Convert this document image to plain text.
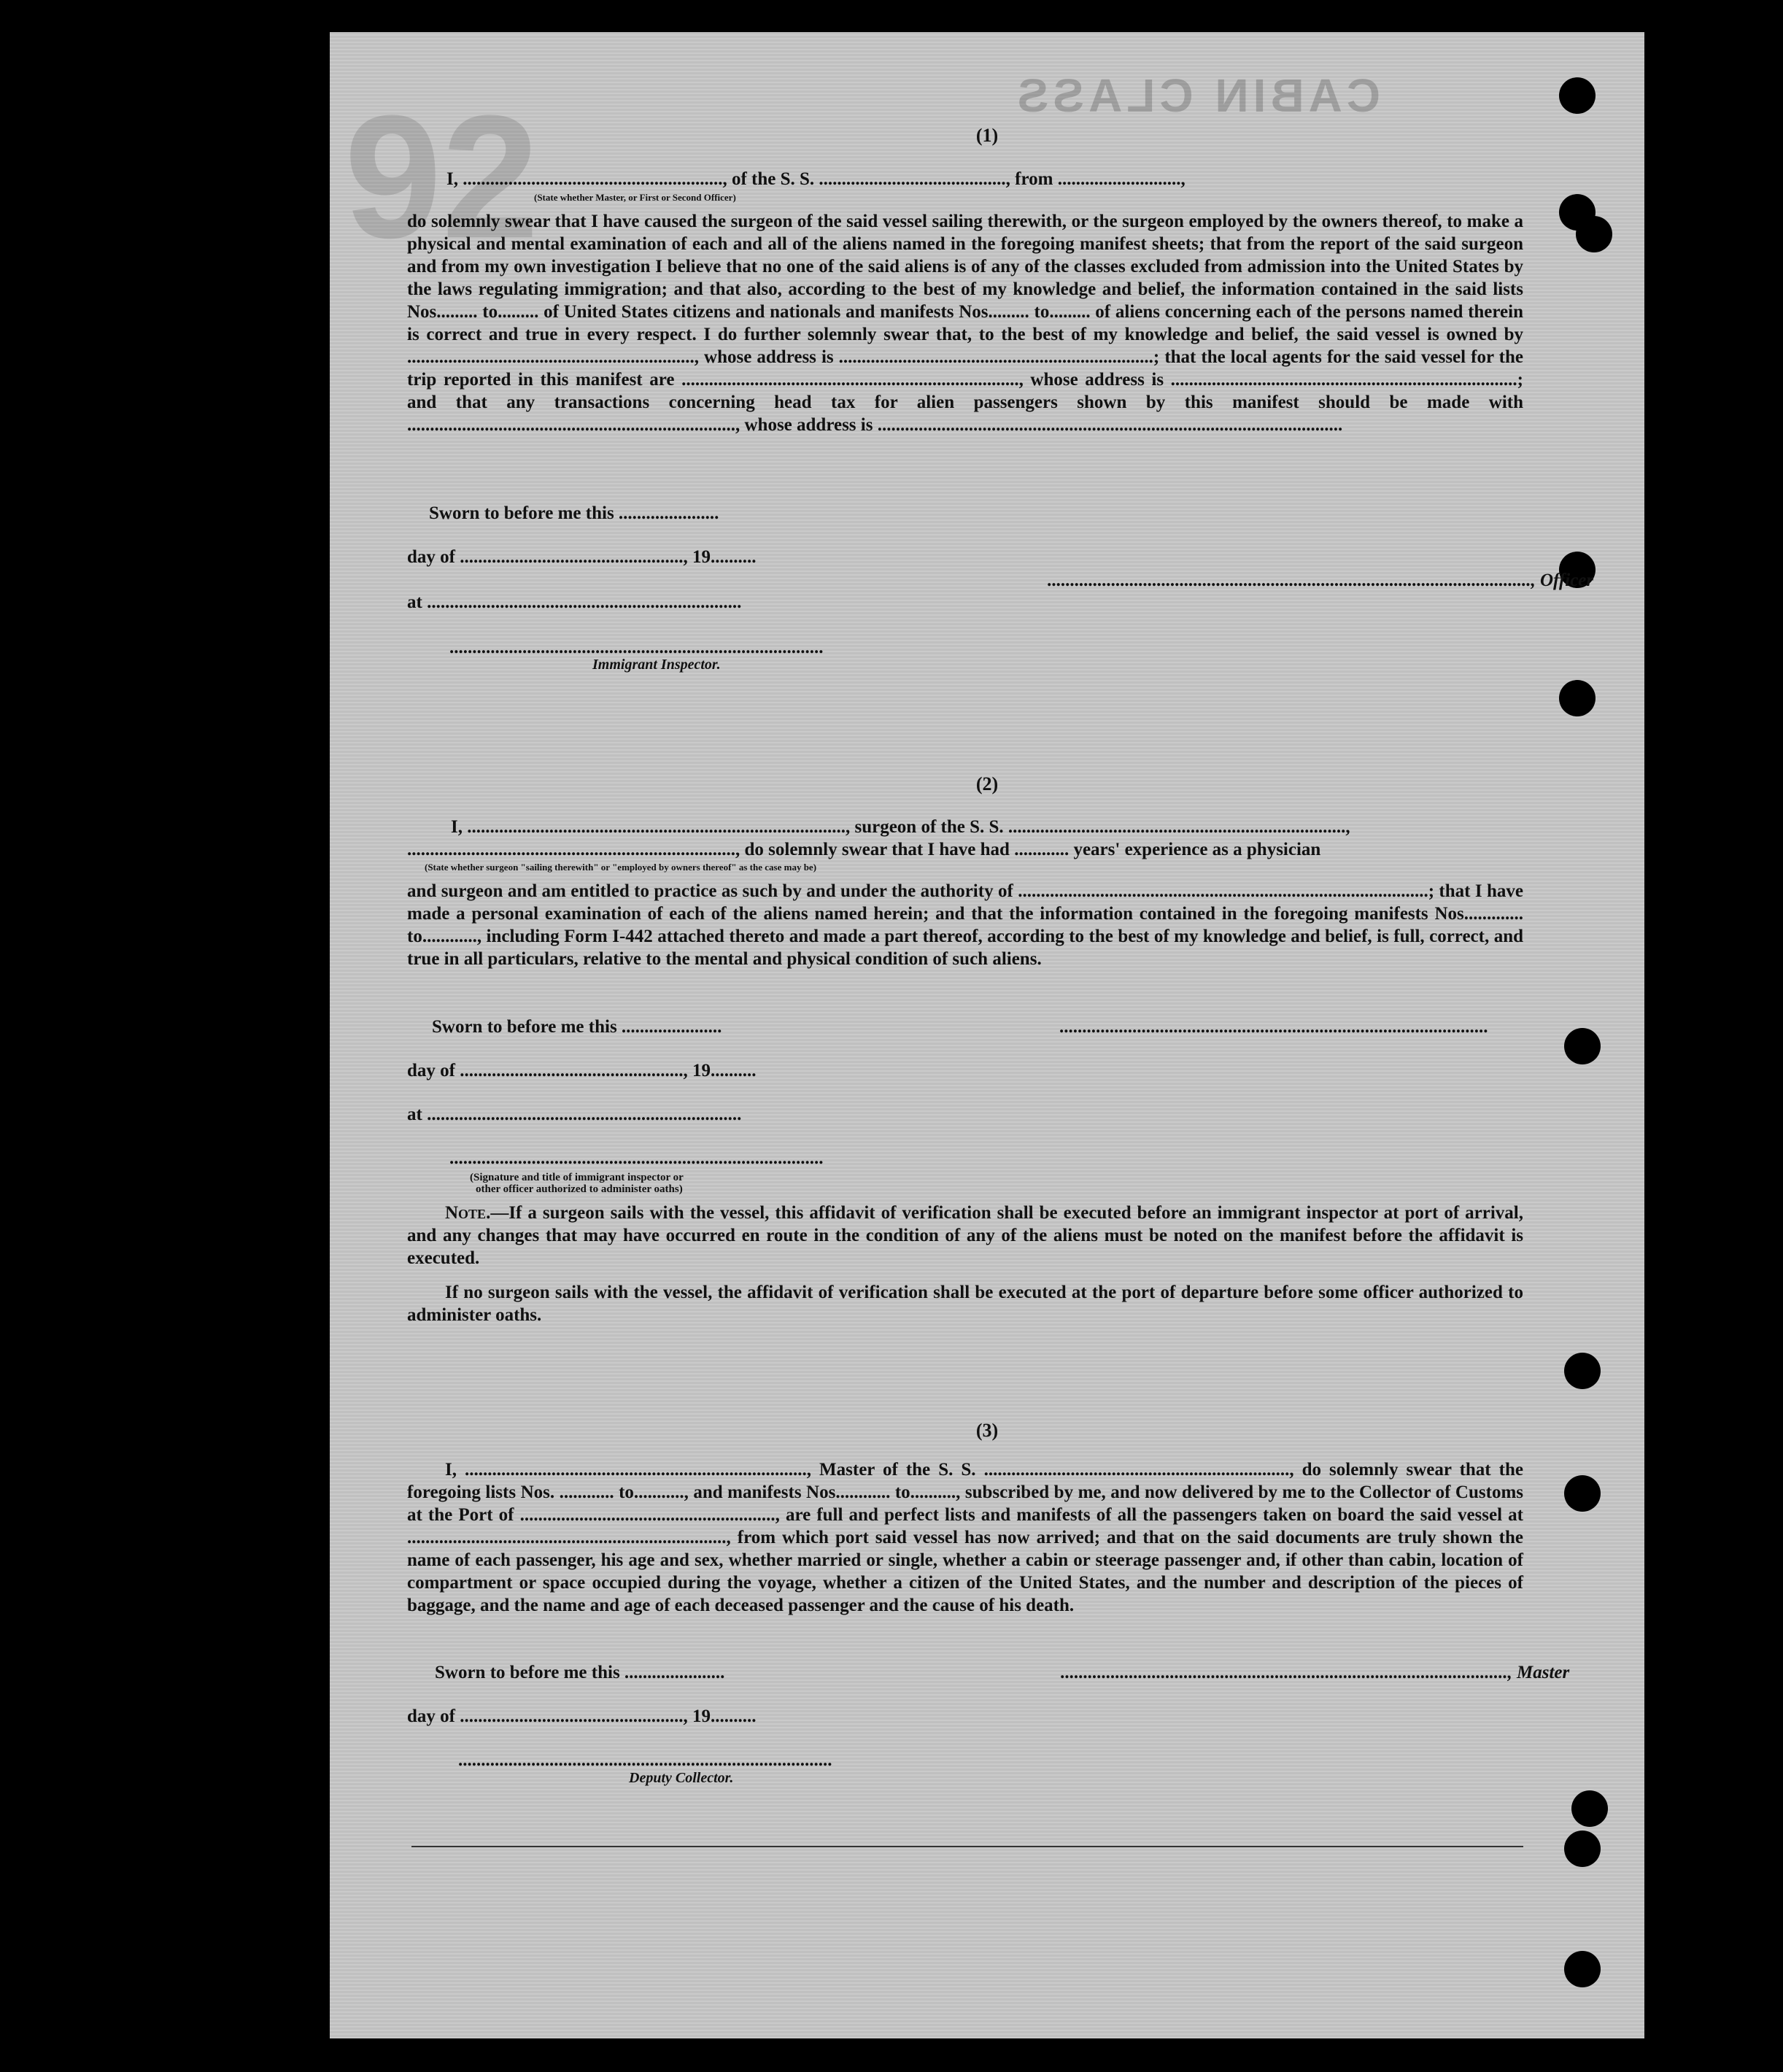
CABIN CLASS
92	(1)
I, ........................................................., of the S. S. ........................................., from ...........................,
(State whether Master, or First or Second Officer)

do solemnly swear that I have caused the surgeon of the said vessel sailing therewith, or the surgeon employed by the owners thereof, to make a physical and mental examination of each and all of the aliens named in the foregoing manifest sheets; that from the report of the said surgeon and from my own investigation I believe that no one of the said aliens is of any of the classes excluded from admission into the United States by the laws regulating immigration; and that also, according to the best of my knowledge and belief, the information contained in the said lists Nos......... to......... of United States citizens and nationals and manifests Nos......... to......... of aliens concerning each of the persons named therein is correct and true in every respect. I do further solemnly swear that, to the best of my knowledge and belief, the said vessel is owned by ..............................................................., whose address is .....................................................................; that the local agents for the said vessel for the trip reported in this manifest are .........................................................................., whose address is ............................................................................; and that any transactions concerning head tax for alien passengers shown by this manifest should be made with ........................................................................, whose address is ......................................................................................................

Sworn to before me this ......................
day of ................................................., 19..........
at .....................................................................
.........................................................................................................., Officer
..................................................................................
Immigrant Inspector.
(2)
I, ..................................................................................., surgeon of the S. S. ..........................................................................,
........................................................................, do solemnly swear that I have had ............ years' experience as a physician
(State whether surgeon "sailing therewith" or "employed by owners thereof" as the case may be)

and surgeon and am entitled to practice as such by and under the authority of ..........................................................................................; that I have made a personal examination of each of the aliens named herein; and that the information contained in the foregoing manifests Nos............. to............, including Form I-442 attached thereto and made a part thereof, according to the best of my knowledge and belief, is full, correct, and true in all particulars, relative to the mental and physical condition of such aliens.

Sworn to before me this ......................	..............................................................................................
day of ................................................., 19..........
at .....................................................................
..................................................................................
(Signature and title of immigrant inspector or
other officer authorized to administer oaths)

Note.—If a surgeon sails with the vessel, this affidavit of verification shall be executed before an immigrant inspector at port of arrival, and any changes that may have occurred en route in the condition of any of the aliens must be noted on the manifest before the affidavit is executed.

If no surgeon sails with the vessel, the affidavit of verification shall be executed at the port of departure before some officer authorized to administer oaths.

(3)

I, ..........................................................................., Master of the S. S. ..................................................................., do solemnly swear that the foregoing lists Nos. ............ to..........., and manifests Nos............ to.........., subscribed by me, and now delivered by me to the Collector of Customs at the Port of ........................................................, are full and perfect lists and manifests of all the passengers taken on board the said vessel at ......................................................................, from which port said vessel has now arrived; and that on the said documents are truly shown the name of each passenger, his age and sex, whether married or single, whether a cabin or steerage passenger and, if other than cabin, location of compartment or space occupied during the voyage, whether a citizen of the United States, and the number and description of the pieces of baggage, and the name and age of each deceased passenger and the cause of his death.

Sworn to before me this ......................	.................................................................................................., Master
day of ................................................., 19..........
..................................................................................
Deputy Collector.
